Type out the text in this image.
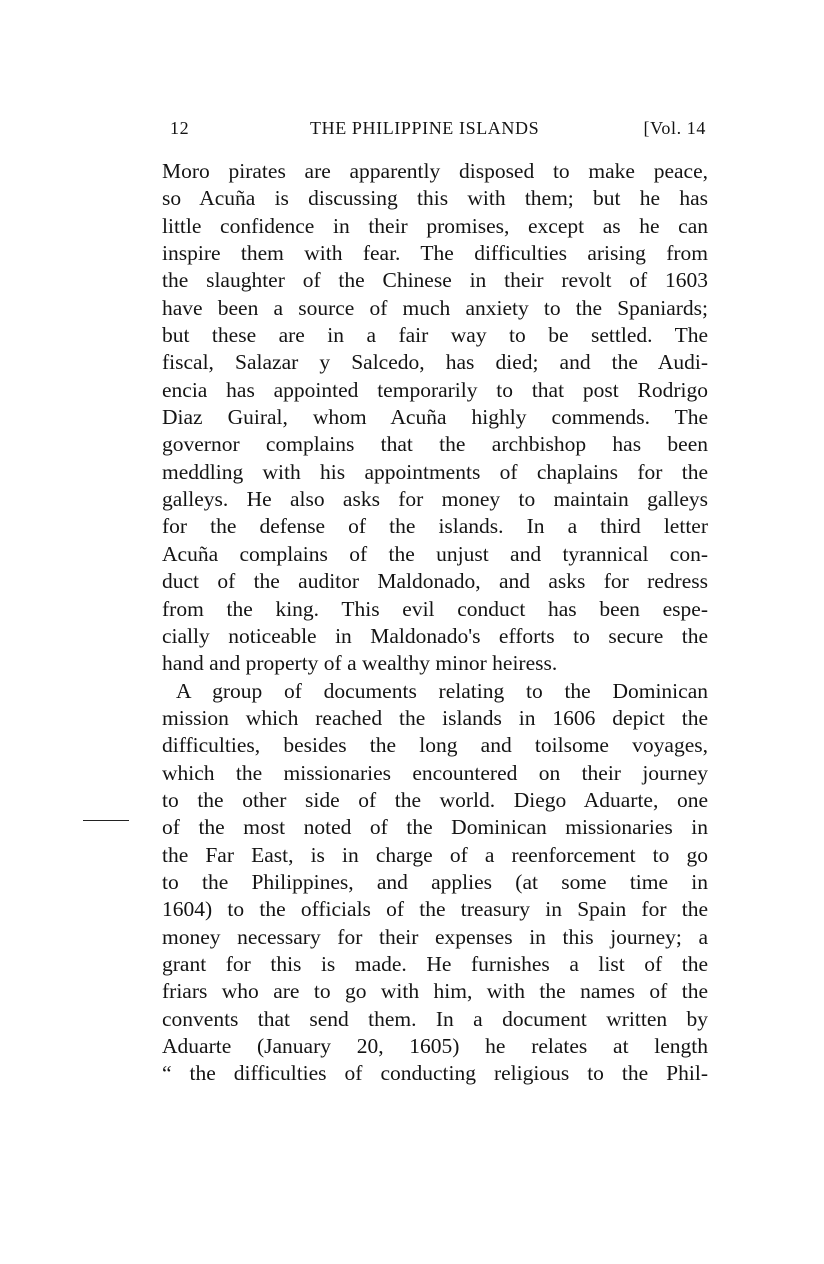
12	THE PHILIPPINE ISLANDS	[Vol. 14
Moro pirates are apparently disposed to make peace,
so Acuña is discussing this with them; but he has
little confidence in their promises, except as he can
inspire them with fear. The difficulties arising from
the slaughter of the Chinese in their revolt of 1603
have been a source of much anxiety to the Spaniards;
but these are in a fair way to be settled. The
fiscal, Salazar y Salcedo, has died; and the Audi-
encia has appointed temporarily to that post Rodrigo
Diaz Guiral, whom Acuña highly commends. The
governor complains that the archbishop has been
meddling with his appointments of chaplains for the
galleys. He also asks for money to maintain galleys
for the defense of the islands. In a third letter
Acuña complains of the unjust and tyrannical con-
duct of the auditor Maldonado, and asks for redress
from the king. This evil conduct has been espe-
cially noticeable in Maldonado's efforts to secure the
hand and property of a wealthy minor heiress.
A group of documents relating to the Dominican
mission which reached the islands in 1606 depict the
difficulties, besides the long and toilsome voyages,
which the missionaries encountered on their journey
to the other side of the world. Diego Aduarte, one
of the most noted of the Dominican missionaries in
the Far East, is in charge of a reenforcement to go
to the Philippines, and applies (at some time in
1604) to the officials of the treasury in Spain for the
money necessary for their expenses in this journey; a
grant for this is made. He furnishes a list of the
friars who are to go with him, with the names of the
convents that send them. In a document written by
Aduarte (January 20, 1605) he relates at length
“ the difficulties of conducting religious to the Phil-
